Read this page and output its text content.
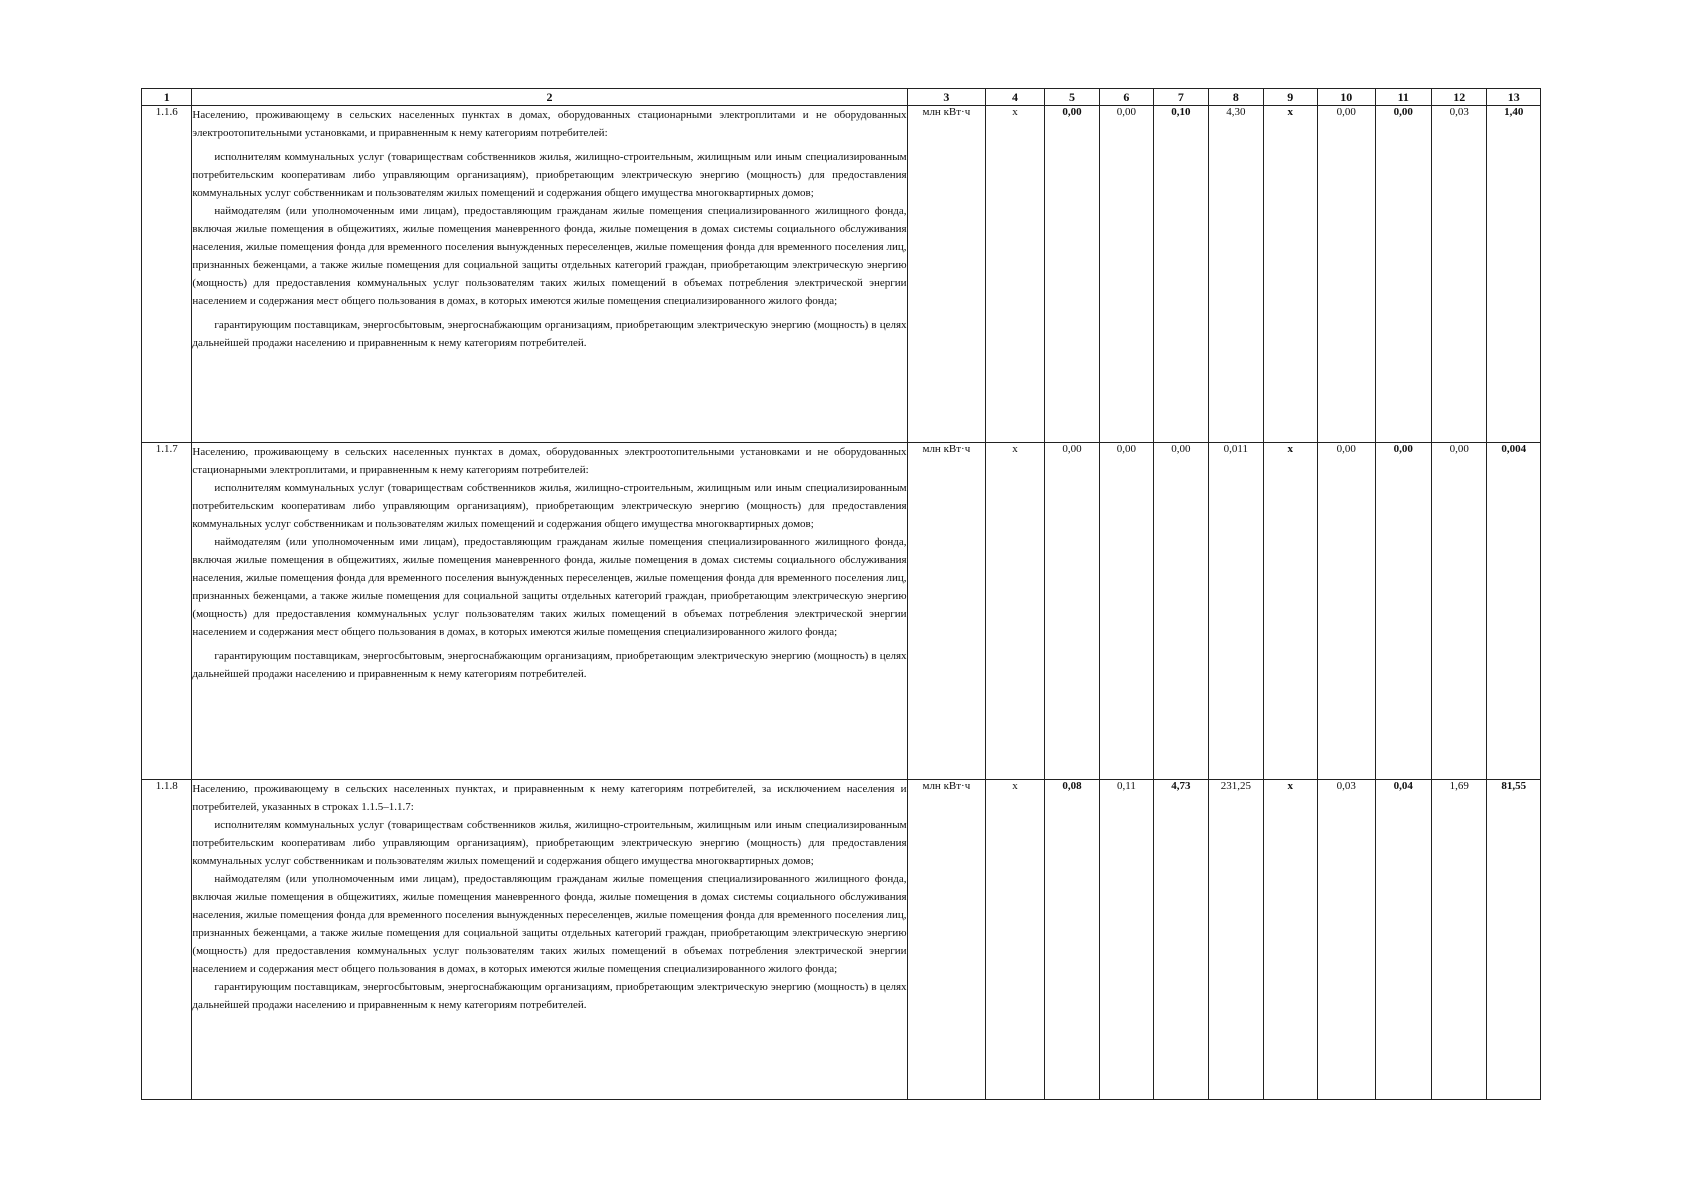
1	2	3	4	5	6	7	8	9	10	11	12	13
1.1.6	Населению, проживающему в сельских населенных пунктах в домах, оборудованных стационарными электроплитами и не оборудованных электроотопительными установками, и приравненным к нему категориям потребителей:

исполнителям коммунальных услуг (товариществам собственников жилья, жилищно-строительным, жилищным или иным специализированным потребительским кооперативам либо управляющим организациям), приобретающим электрическую энергию (мощность) для предоставления коммунальных услуг собственникам и пользователям жилых помещений и содержания общего имущества многоквартирных домов;

наймодателям (или уполномоченным ими лицам), предоставляющим гражданам жилые помещения специализированного жилищного фонда, включая жилые помещения в общежитиях, жилые помещения маневренного фонда, жилые помещения в домах системы социального обслуживания населения, жилые помещения фонда для временного поселения вынужденных переселенцев, жилые помещения фонда для временного поселения лиц, признанных беженцами, а также жилые помещения для социальной защиты отдельных категорий граждан, приобретающим электрическую энергию (мощность) для предоставления коммунальных услуг пользователям таких жилых помещений в объемах потребления электрической энергии населением и содержания мест общего пользования в домах, в которых имеются жилые помещения специализированного жилого фонда;

гарантирующим поставщикам, энергосбытовым, энергоснабжающим организациям, приобретающим электрическую энергию (мощность) в целях дальнейшей продажи населению и приравненным к нему категориям потребителей.	млн кВт·ч	х	0,00	0,00	0,10	4,30	х	0,00	0,00	0,03	1,40
1.1.7	Населению, проживающему в сельских населенных пунктах в домах, оборудованных электроотопительными установками и не оборудованных стационарными электроплитами, и приравненным к нему категориям потребителей:

исполнителям коммунальных услуг (товариществам собственников жилья, жилищно-строительным, жилищным или иным специализированным потребительским кооперативам либо управляющим организациям), приобретающим электрическую энергию (мощность) для предоставления коммунальных услуг собственникам и пользователям жилых помещений и содержания общего имущества многоквартирных домов;

наймодателям (или уполномоченным ими лицам), предоставляющим гражданам жилые помещения специализированного жилищного фонда, включая жилые помещения в общежитиях, жилые помещения маневренного фонда, жилые помещения в домах системы социального обслуживания населения, жилые помещения фонда для временного поселения вынужденных переселенцев, жилые помещения фонда для временного поселения лиц, признанных беженцами, а также жилые помещения для социальной защиты отдельных категорий граждан, приобретающим электрическую энергию (мощность) для предоставления коммунальных услуг пользователям таких жилых помещений в объемах потребления электрической энергии населением и содержания мест общего пользования в домах, в которых имеются жилые помещения специализированного жилого фонда;

гарантирующим поставщикам, энергосбытовым, энергоснабжающим организациям, приобретающим электрическую энергию (мощность) в целях дальнейшей продажи населению и приравненным к нему категориям потребителей.	млн кВт·ч	х	0,00	0,00	0,00	0,011	х	0,00	0,00	0,00	0,004
1.1.8	Населению, проживающему в сельских населенных пунктах, и приравненным к нему категориям потребителей, за исключением населения и потребителей, указанных в строках 1.1.5–1.1.7:

исполнителям коммунальных услуг (товариществам собственников жилья, жилищно-строительным, жилищным или иным специализированным потребительским кооперативам либо управляющим организациям), приобретающим электрическую энергию (мощность) для предоставления коммунальных услуг собственникам и пользователям жилых помещений и содержания общего имущества многоквартирных домов;

наймодателям (или уполномоченным ими лицам), предоставляющим гражданам жилые помещения специализированного жилищного фонда, включая жилые помещения в общежитиях, жилые помещения маневренного фонда, жилые помещения в домах системы социального обслуживания населения, жилые помещения фонда для временного поселения вынужденных переселенцев, жилые помещения фонда для временного поселения лиц, признанных беженцами, а также жилые помещения для социальной защиты отдельных категорий граждан, приобретающим электрическую энергию (мощность) для предоставления коммунальных услуг пользователям таких жилых помещений в объемах потребления электрической энергии населением и содержания мест общего пользования в домах, в которых имеются жилые помещения специализированного жилого фонда;

гарантирующим поставщикам, энергосбытовым, энергоснабжающим организациям, приобретающим электрическую энергию (мощность) в целях дальнейшей продажи населению и приравненным к нему категориям потребителей.	млн кВт·ч	х	0,08	0,11	4,73	231,25	х	0,03	0,04	1,69	81,55
